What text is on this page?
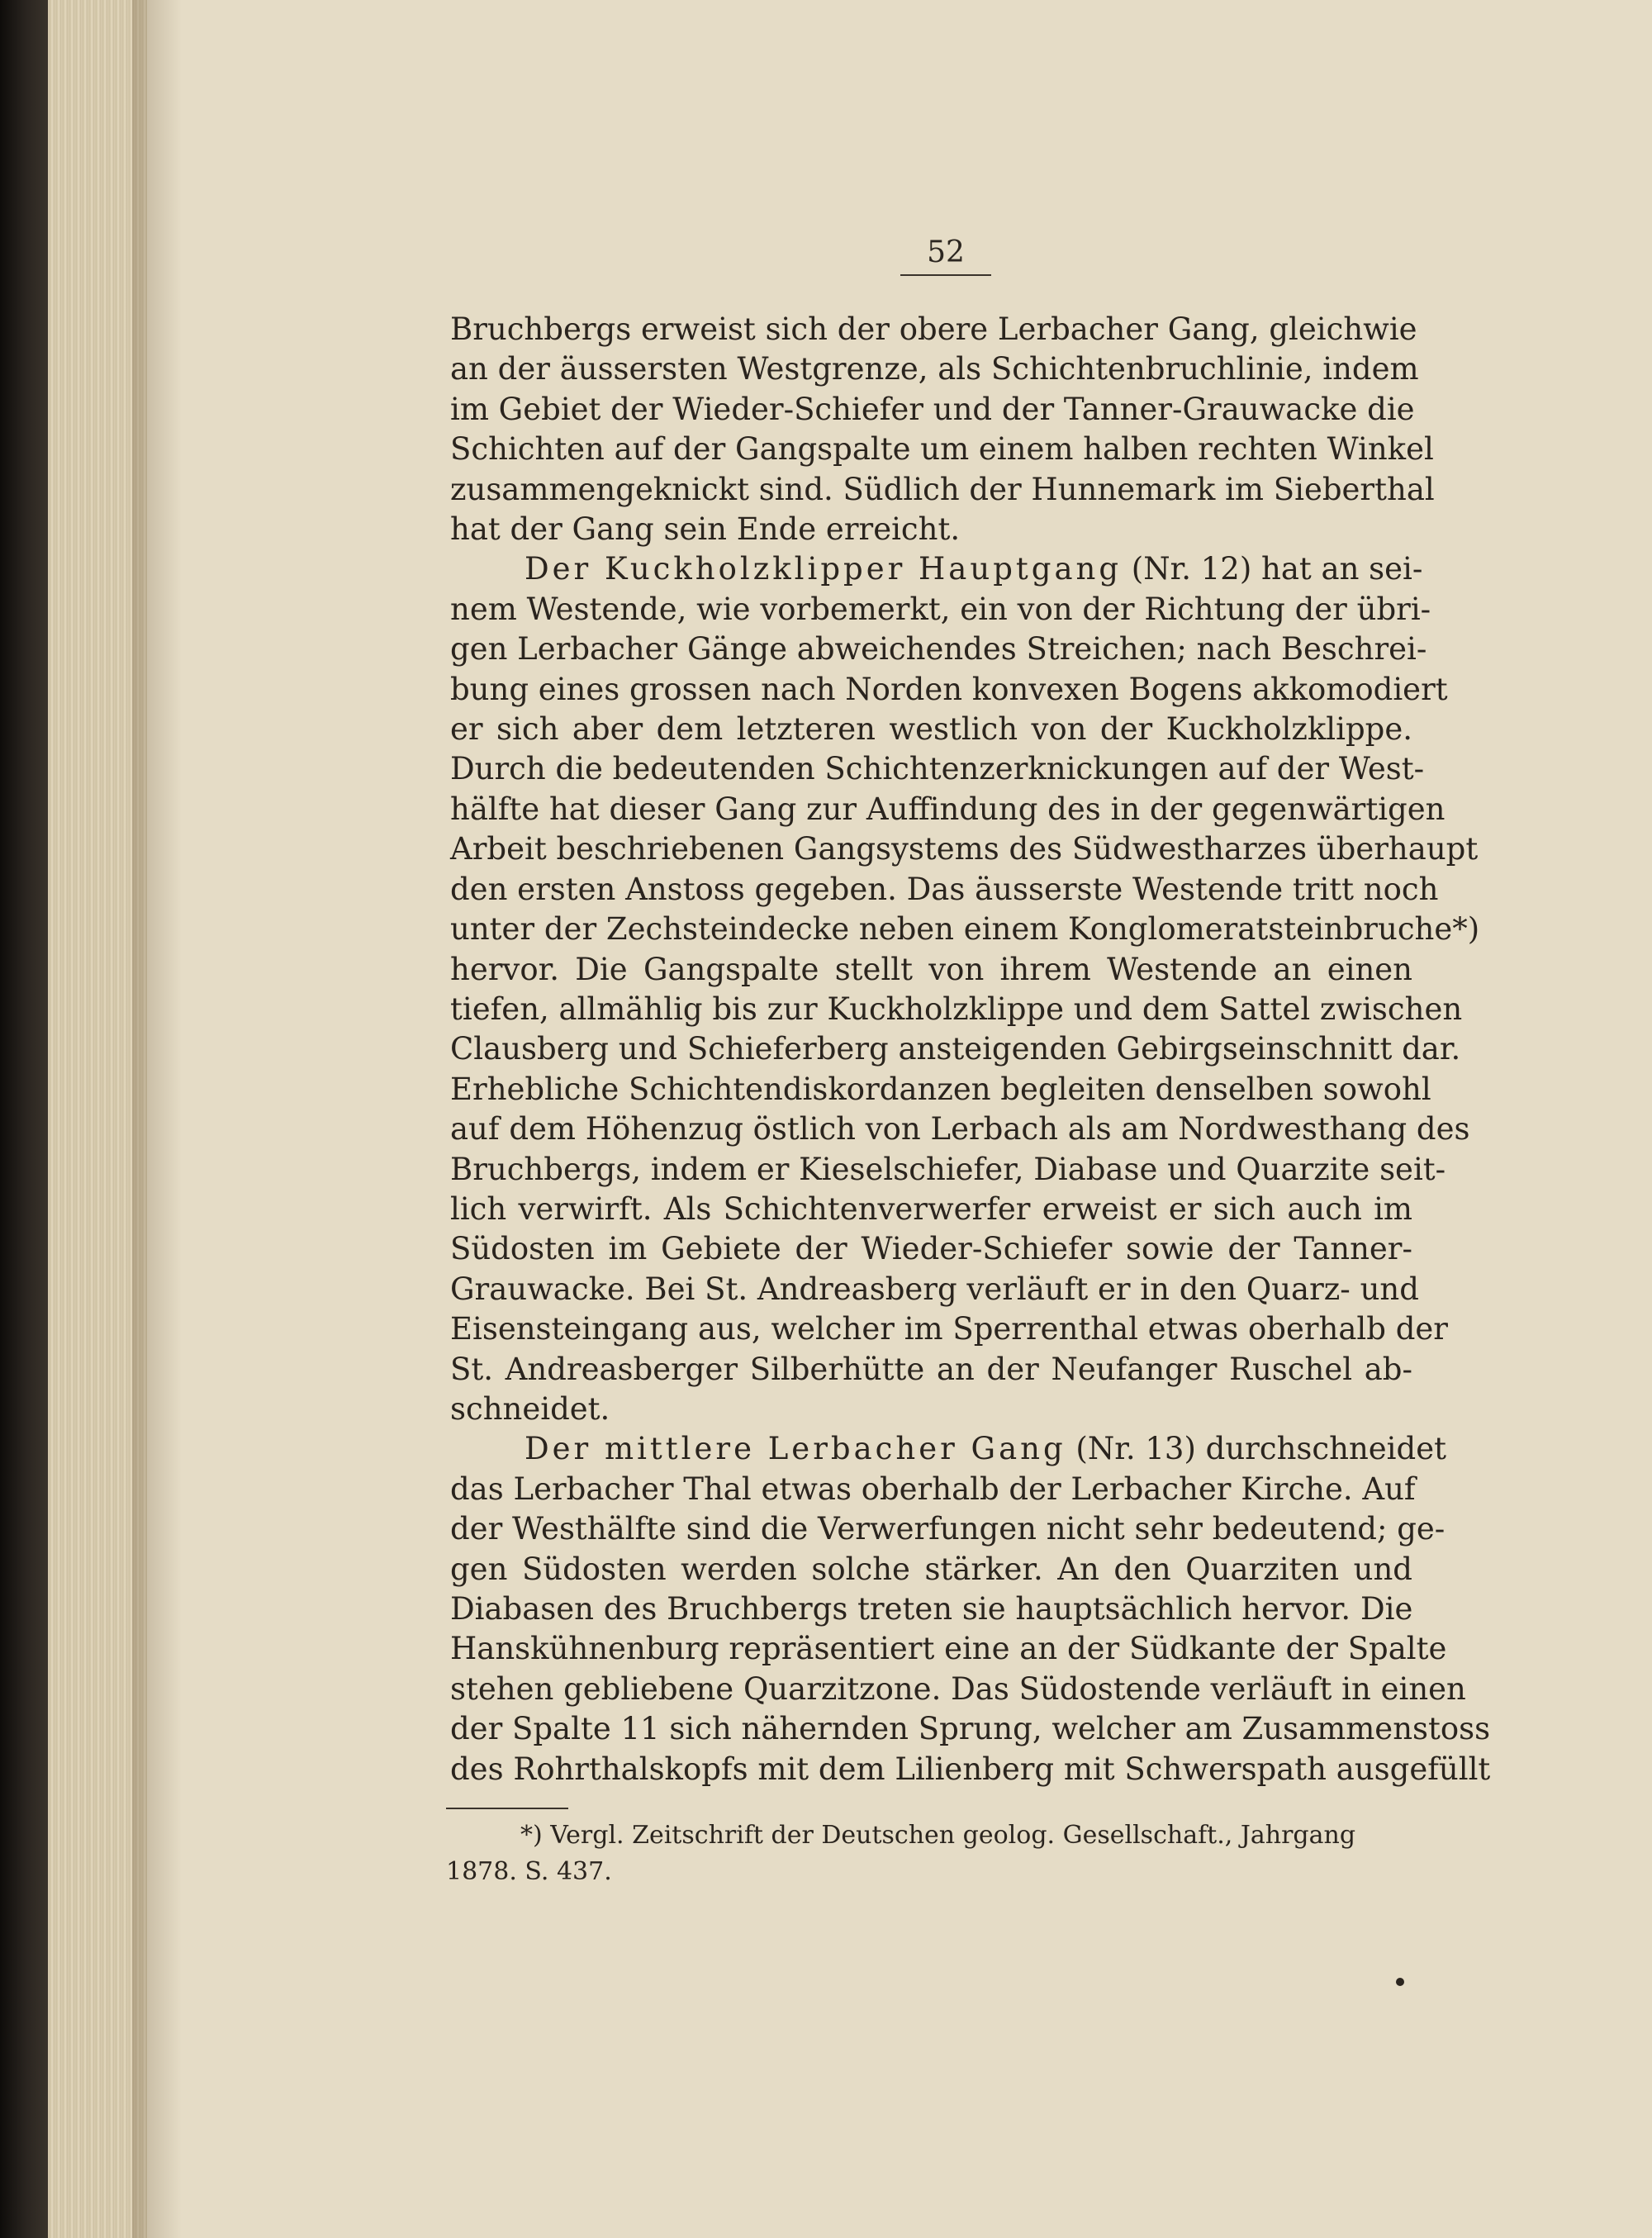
52
Bruchbergs erweist sich der obere Lerbacher Gang, gleichwie
an der äussersten Westgrenze, als Schichtenbruchlinie, indem
im Gebiet der Wieder-Schiefer und der Tanner-Grauwacke die
Schichten auf der Gangspalte um einem halben rechten Winkel
zusammengeknickt sind. Südlich der Hunnemark im Sieberthal
hat der Gang sein Ende erreicht.
Der Kuckholzklipper Hauptgang (Nr. 12) hat an sei-
nem Westende, wie vorbemerkt, ein von der Richtung der übri-
gen Lerbacher Gänge abweichendes Streichen; nach Beschrei-
bung eines grossen nach Norden konvexen Bogens akkomodiert
er sich aber dem letzteren westlich von der Kuckholzklippe.
Durch die bedeutenden Schichtenzerknickungen auf der West-
hälfte hat dieser Gang zur Auffindung des in der gegenwärtigen
Arbeit beschriebenen Gangsystems des Südwestharzes überhaupt
den ersten Anstoss gegeben. Das äusserste Westende tritt noch
unter der Zechsteindecke neben einem Konglomeratsteinbruche*)
hervor. Die Gangspalte stellt von ihrem Westende an einen
tiefen, allmählig bis zur Kuckholzklippe und dem Sattel zwischen
Clausberg und Schieferberg ansteigenden Gebirgseinschnitt dar.
Erhebliche Schichtendiskordanzen begleiten denselben sowohl
auf dem Höhenzug östlich von Lerbach als am Nordwesthang des
Bruchbergs, indem er Kieselschiefer, Diabase und Quarzite seit-
lich verwirft. Als Schichtenverwerfer erweist er sich auch im
Südosten im Gebiete der Wieder-Schiefer sowie der Tanner-
Grauwacke. Bei St. Andreasberg verläuft er in den Quarz- und
Eisensteingang aus, welcher im Sperrenthal etwas oberhalb der
St. Andreasberger Silberhütte an der Neufanger Ruschel ab-
schneidet.
Der mittlere Lerbacher Gang (Nr. 13) durchschneidet
das Lerbacher Thal etwas oberhalb der Lerbacher Kirche. Auf
der Westhälfte sind die Verwerfungen nicht sehr bedeutend; ge-
gen Südosten werden solche stärker. An den Quarziten und
Diabasen des Bruchbergs treten sie hauptsächlich hervor. Die
Hanskühnenburg repräsentiert eine an der Südkante der Spalte
stehen gebliebene Quarzitzone. Das Südostende verläuft in einen
der Spalte 11 sich nähernden Sprung, welcher am Zusammenstoss
des Rohrthalskopfs mit dem Lilienberg mit Schwerspath ausgefüllt
*) Vergl. Zeitschrift der Deutschen geolog. Gesellschaft., Jahrgang
1878. S. 437.
